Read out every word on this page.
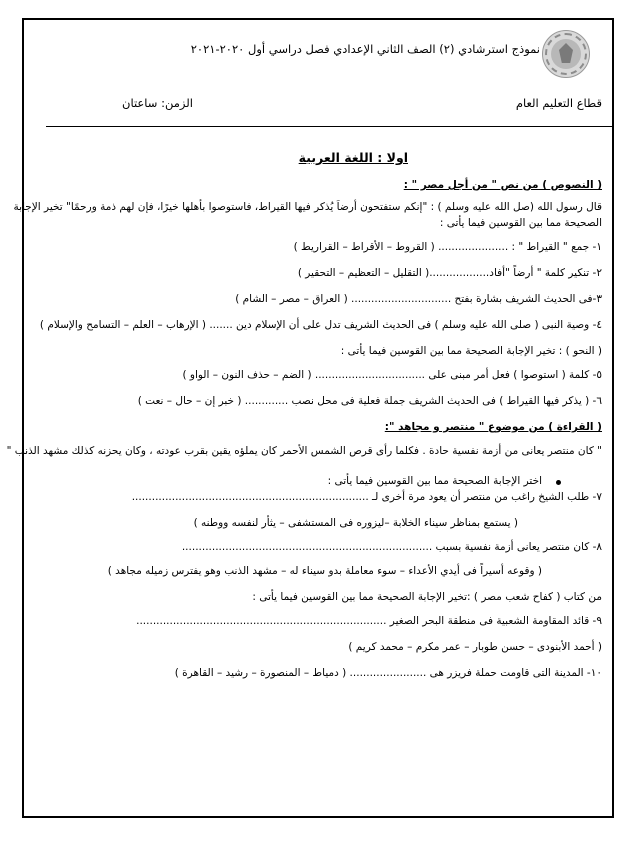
نموذج استرشادي (٢) الصف الثاني الإعدادي فصل دراسي أول ٢٠٢٠-٢٠٢١
قطاع التعليم العام
الزمن: ساعتان
اولا : اللغة العربية
( النصوص ) من نص " من أجل مصر " :
قال رسول الله (صل الله عليه وسلم ) : "إنكم ستفتحون أرضاَ يُذكر فيها القيراط، فاستوصوا بأهلها خيرًا، فإن لهم ذمة ورحمًا" تخير الإجابة
الصحيحة مما بين القوسين فيما يأتى :
١- جمع " القيراط " : ..................... ( القروط – الأقراط – القراريط )
٢- تنكير كلمة " أرضاً "أفاد..................( التقليل – التعظيم – التحقير )
٣-فى الحديث الشريف بشارة بفتح .............................. ( العراق – مصر – الشام )
٤- وصية النبى ( صلى الله عليه وسلم ) فى الحديث الشريف تدل على أن الإسلام دين ....... ( الإرهاب – العلم – التسامح والإسلام )
( النحو ) : تخير الإجابة الصحيحة مما بين القوسين فيما يأتى :
٥- كلمة ( استوصوا ) فعل أمر مبنى على ................................. ( الضم – حذف النون – الواو )
٦- ( يذكر فيها القيراط ) فى الحديث الشريف جملة فعلية فى محل نصب ............. ( خبر إن – حال – نعت )
( القراءة ) من موضوع " منتصر و مجاهد ":
" كان منتصر يعانى من أزمة نفسية حادة . فكلما رأى قرص الشمس الأحمر كان يملؤه يقين بقرب عودته ، وكان يحزنه كذلك مشهد الذنب "
اختر الإجابة الصحيحة مما بين القوسين فيما يأتى :
٧- طلب الشيخ راغب من منتصر أن يعود مرة أخرى لـ .......................................................................
( يستمع بمناظر سيناء الخلابة –ليزوره فى المستشفى – يثأر لنفسه ووطنه )
٨- كان منتصر يعانى أزمة نفسية بسبب ...........................................................................
( وقوعه أسيراً فى أيدي الأعداء – سوء معاملة بدو سيناء له – مشهد الذنب وهو يفترس زميله مجاهد )
من كتاب ( كفاح شعب مصر ) :تخير الإجابة الصحيحة مما بين القوسين فيما يأتى :
٩- قائد المقاومة الشعبية فى منطقة البحر الصغير ...........................................................................
( أحمد الأبنودى – حسن طوبار – عمر مكرم – محمد كريم )
١٠- المدينة التى قاومت حملة فريزر هى ....................... ( دمياط – المنصورة – رشيد – القاهرة )
